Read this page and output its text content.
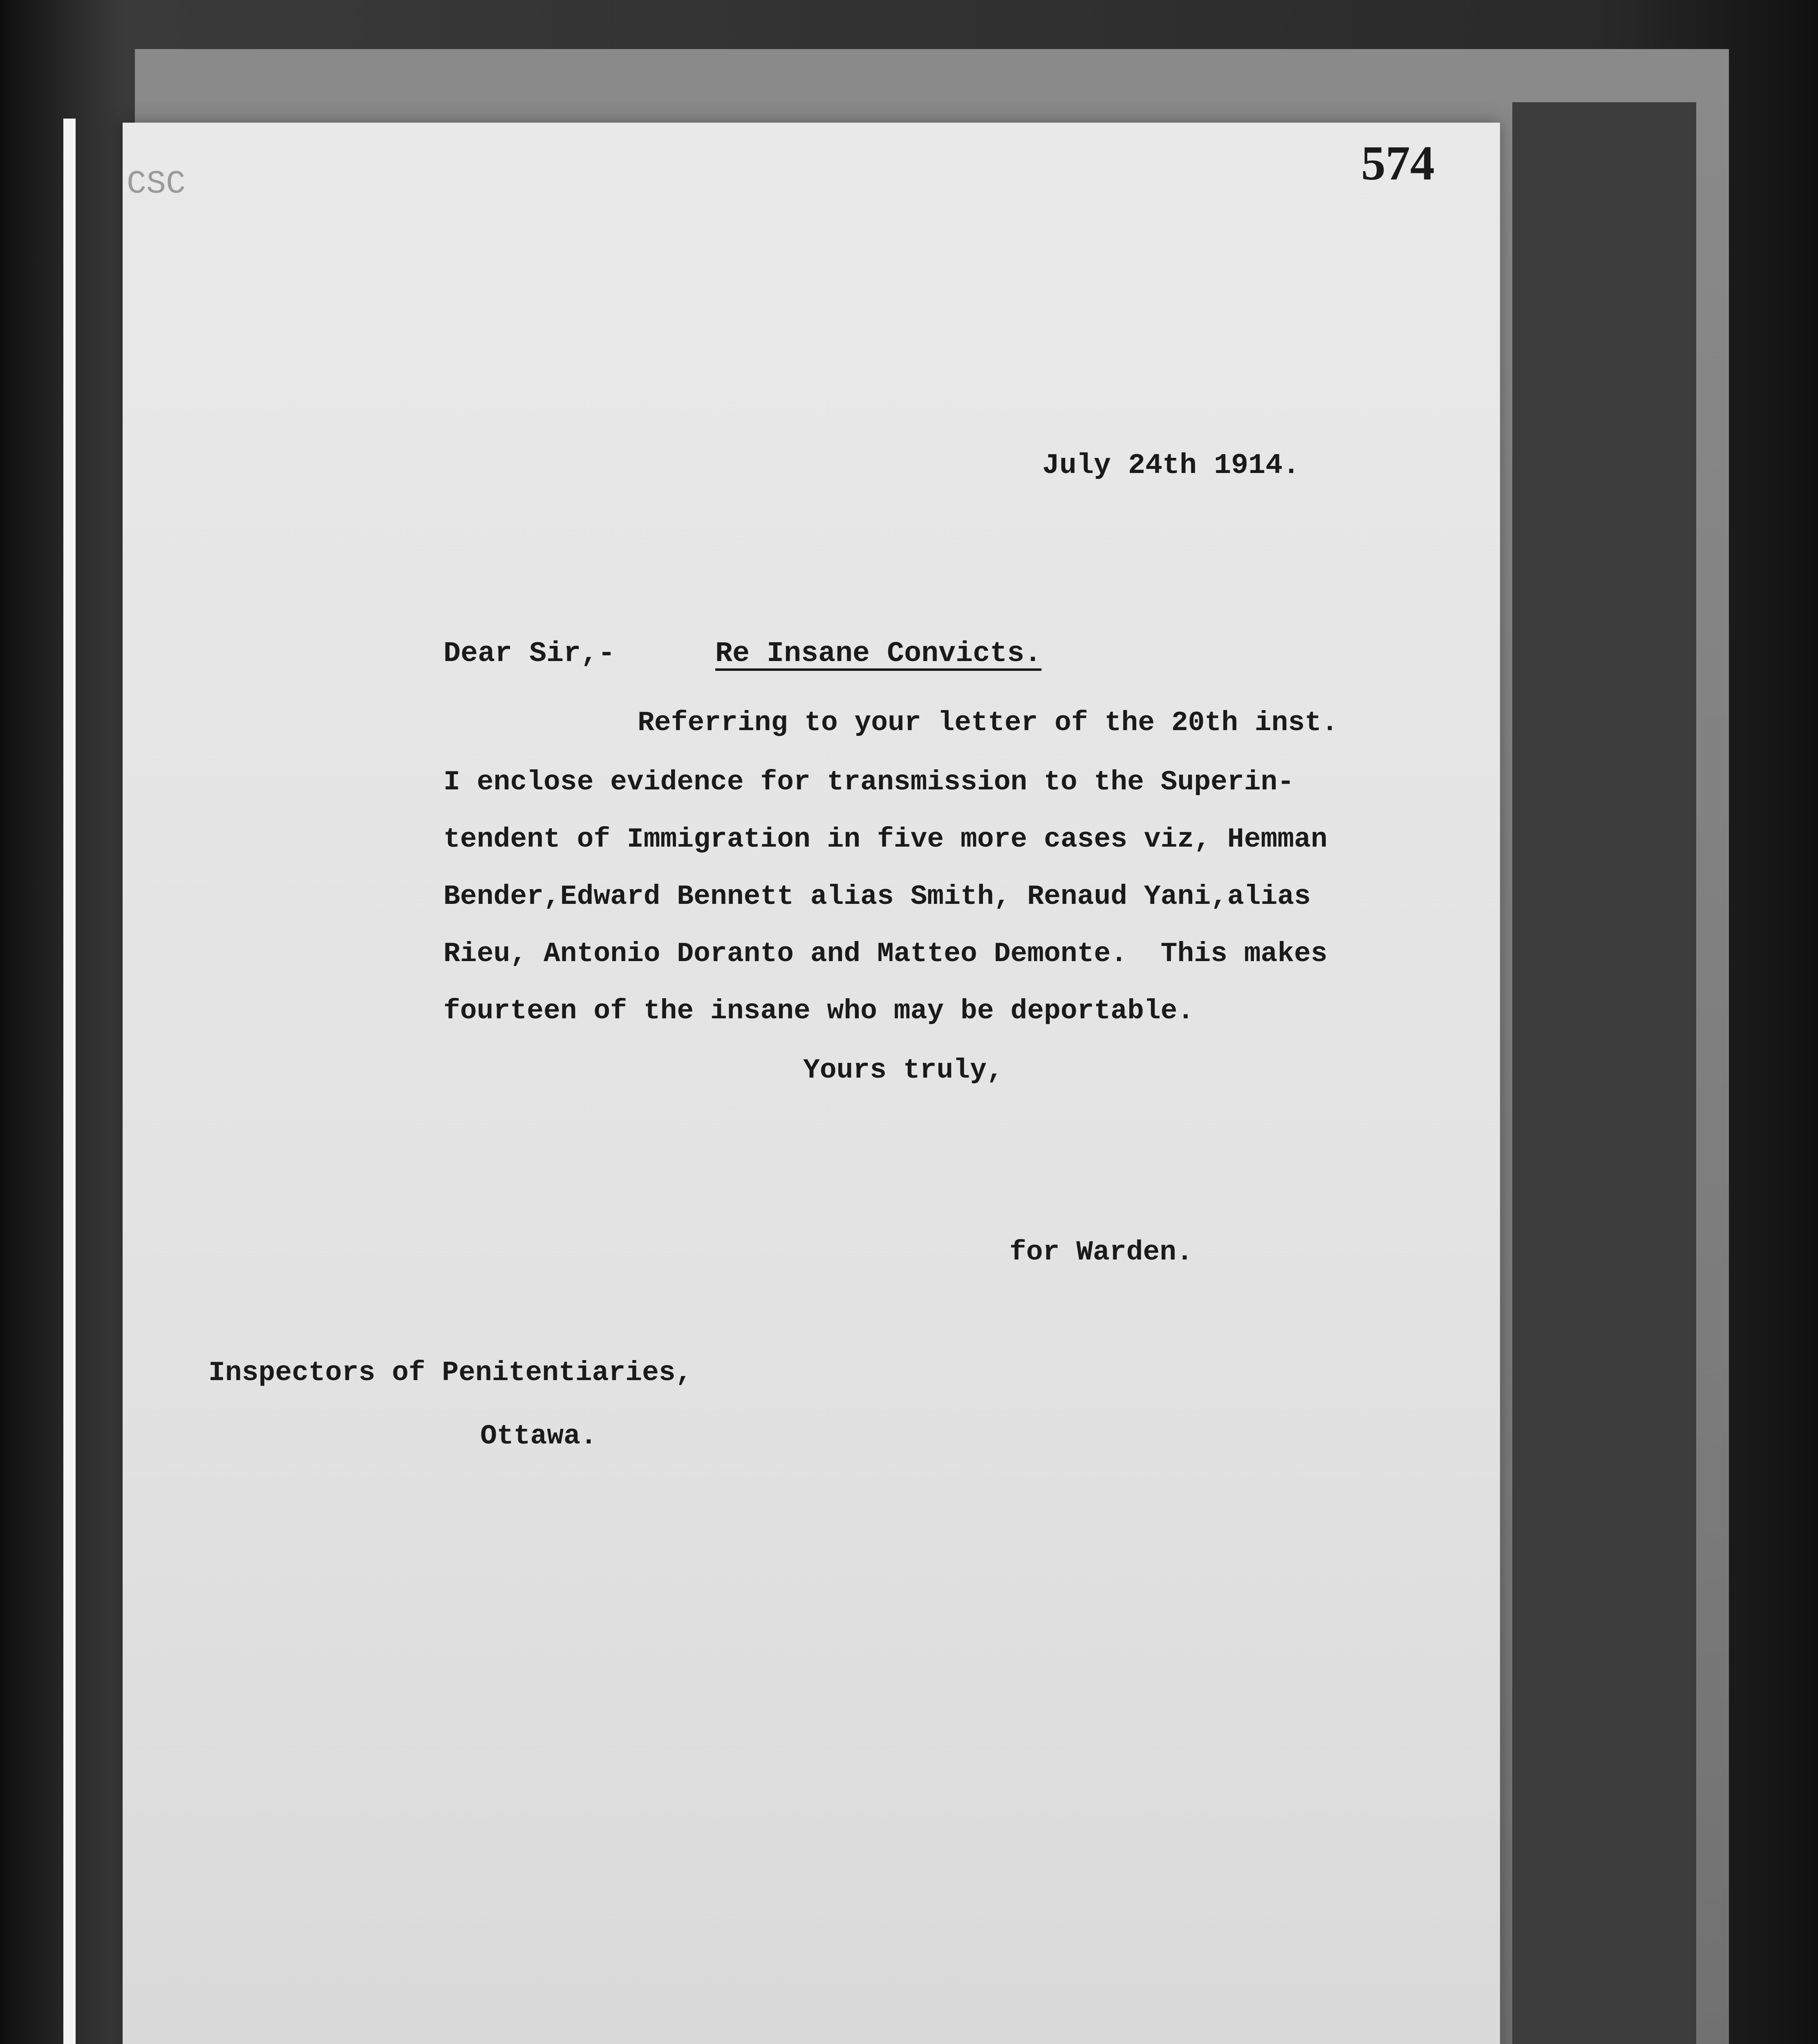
CSC	574
July 24th 1914.
Dear Sir,-	Re Insane Convicts.
Referring to your letter of the 20th inst.
I enclose evidence for transmission to the Superin-
tendent of Immigration in five more cases viz, Hemman
Bender,Edward Bennett alias Smith, Renaud Yani,alias
Rieu, Antonio Doranto and Matteo Demonte.  This makes
fourteen of the insane who may be deportable.
Yours truly,
for Warden.
Inspectors of Penitentiaries,
Ottawa.
